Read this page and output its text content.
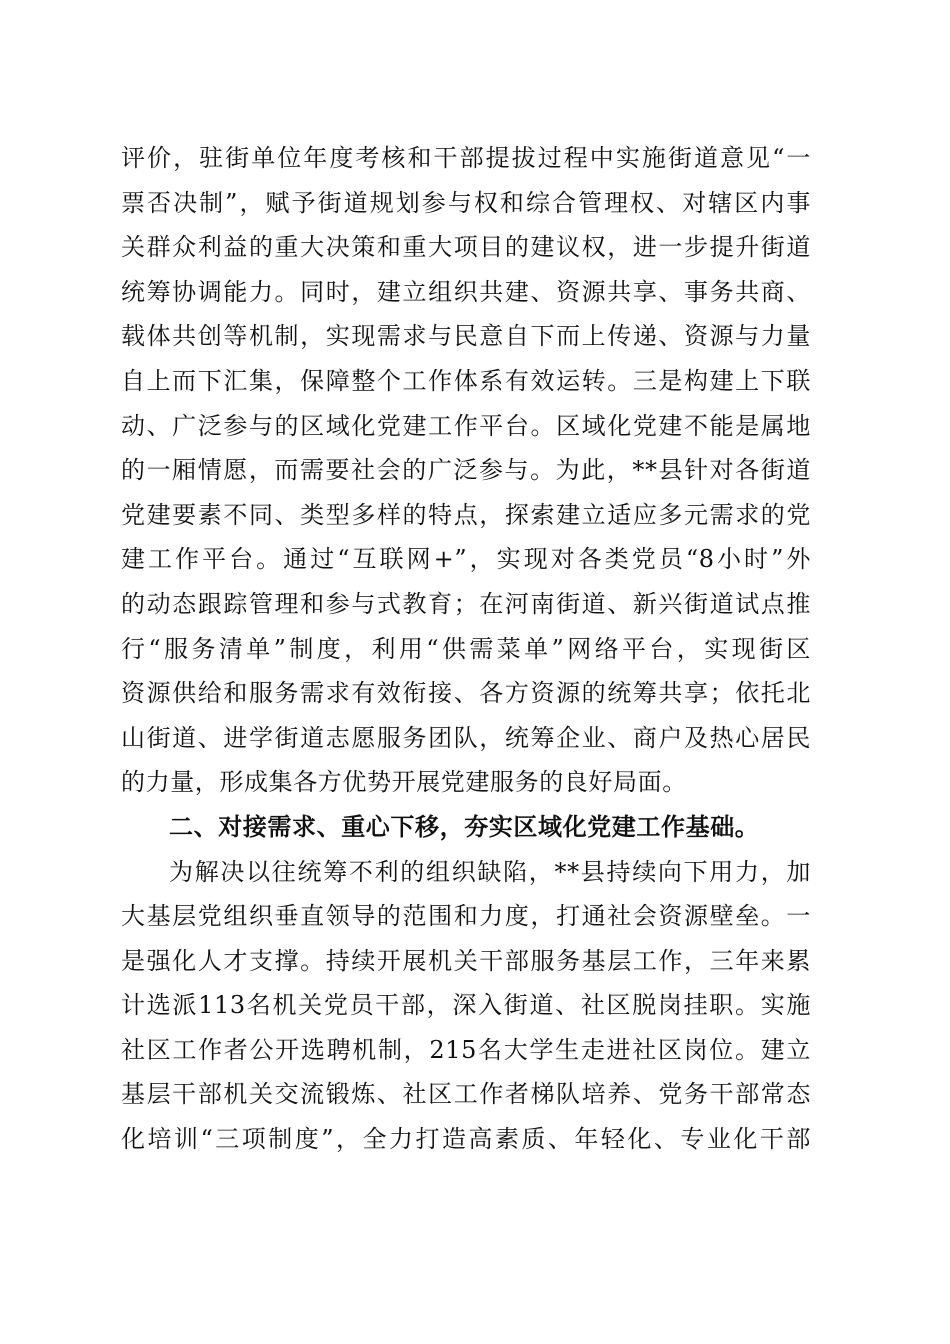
评价，驻街单位年度考核和干部提拔过程中实施街道意见“一
票否决制”，赋予街道规划参与权和综合管理权、对辖区内事
关群众利益的重大决策和重大项目的建议权，进一步提升街道
统筹协调能力。同时，建立组织共建、资源共享、事务共商、
载体共创等机制，实现需求与民意自下而上传递、资源与力量
自上而下汇集，保障整个工作体系有效运转。三是构建上下联
动、广泛参与的区域化党建工作平台。区域化党建不能是属地
的一厢情愿，而需要社会的广泛参与。为此，**县针对各街道
党建要素不同、类型多样的特点，探索建立适应多元需求的党
建工作平台。通过“互联网+”，实现对各类党员“8小时”外
的动态跟踪管理和参与式教育；在河南街道、新兴街道试点推
行“服务清单”制度，利用“供需菜单”网络平台，实现街区
资源供给和服务需求有效衔接、各方资源的统筹共享；依托北
山街道、进学街道志愿服务团队，统筹企业、商户及热心居民
的力量，形成集各方优势开展党建服务的良好局面。
二、对接需求、重心下移，夯实区域化党建工作基础。
为解决以往统筹不利的组织缺陷，**县持续向下用力，加
大基层党组织垂直领导的范围和力度，打通社会资源壁垒。一
是强化人才支撑。持续开展机关干部服务基层工作，三年来累
计选派113名机关党员干部，深入街道、社区脱岗挂职。实施
社区工作者公开选聘机制，215名大学生走进社区岗位。建立
基层干部机关交流锻炼、社区工作者梯队培养、党务干部常态
化培训“三项制度”，全力打造高素质、年轻化、专业化干部
